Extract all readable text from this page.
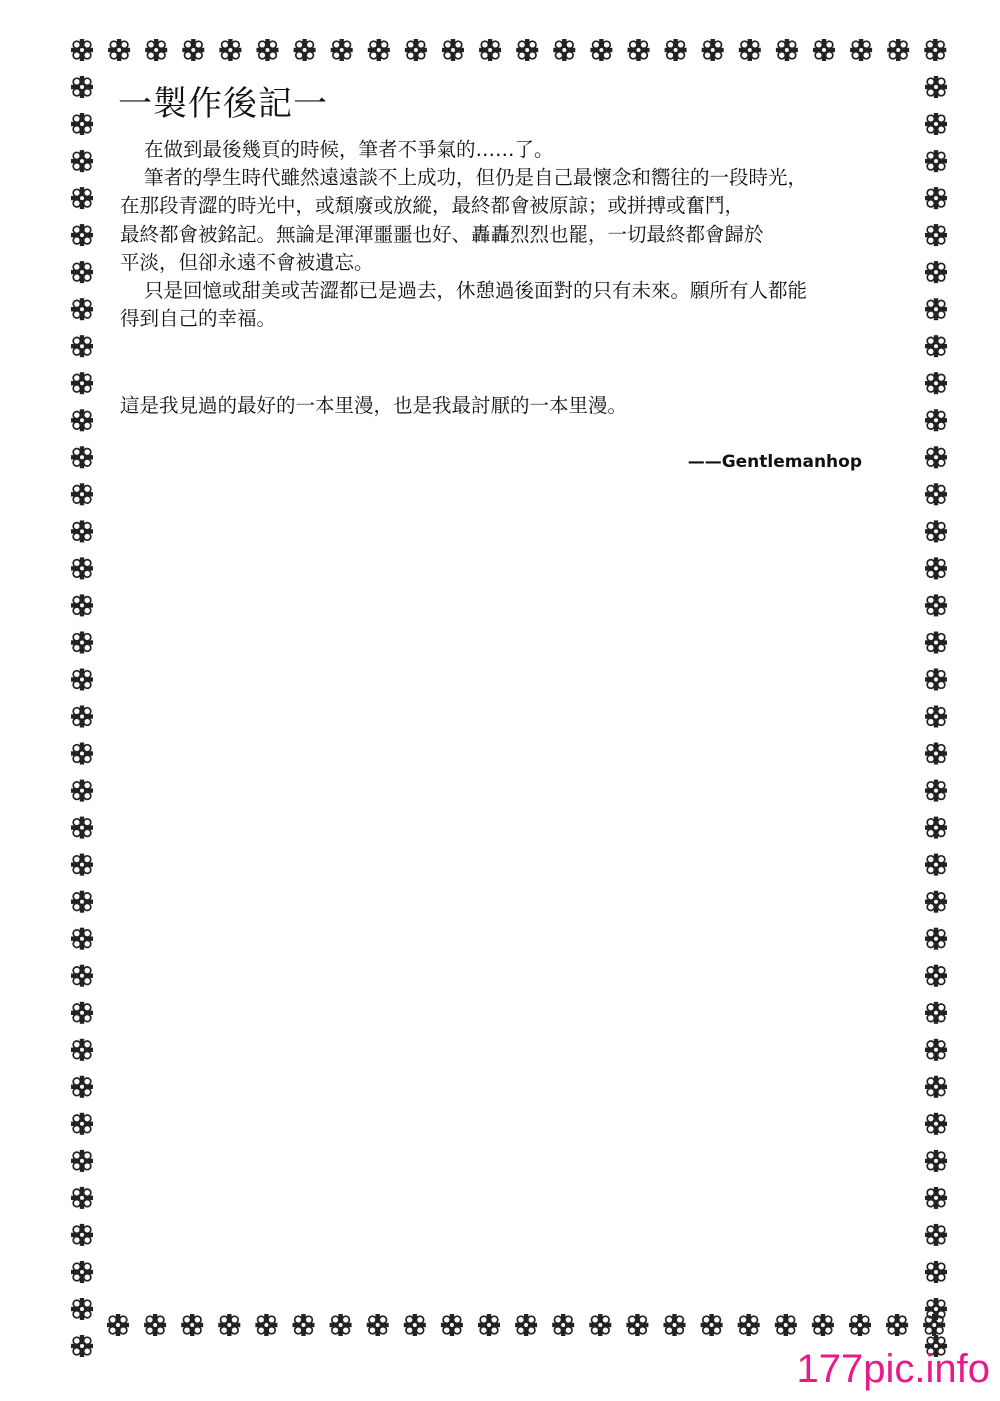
一製作後記一
在做到最後幾頁的時候，筆者不爭氣的……了。
筆者的學生時代雖然遠遠談不上成功，但仍是自己最懷念和嚮往的一段時光，
在那段青澀的時光中，或頹廢或放縱，最終都會被原諒；或拼搏或奮鬥，
最終都會被銘記。無論是渾渾噩噩也好、轟轟烈烈也罷，一切最終都會歸於
平淡，但卻永遠不會被遺忘。
只是回憶或甜美或苦澀都已是過去，休憩過後面對的只有未來。願所有人都能
得到自己的幸福。
這是我見過的最好的一本里漫，也是我最討厭的一本里漫。
——Gentlemanhop
177pic.info
